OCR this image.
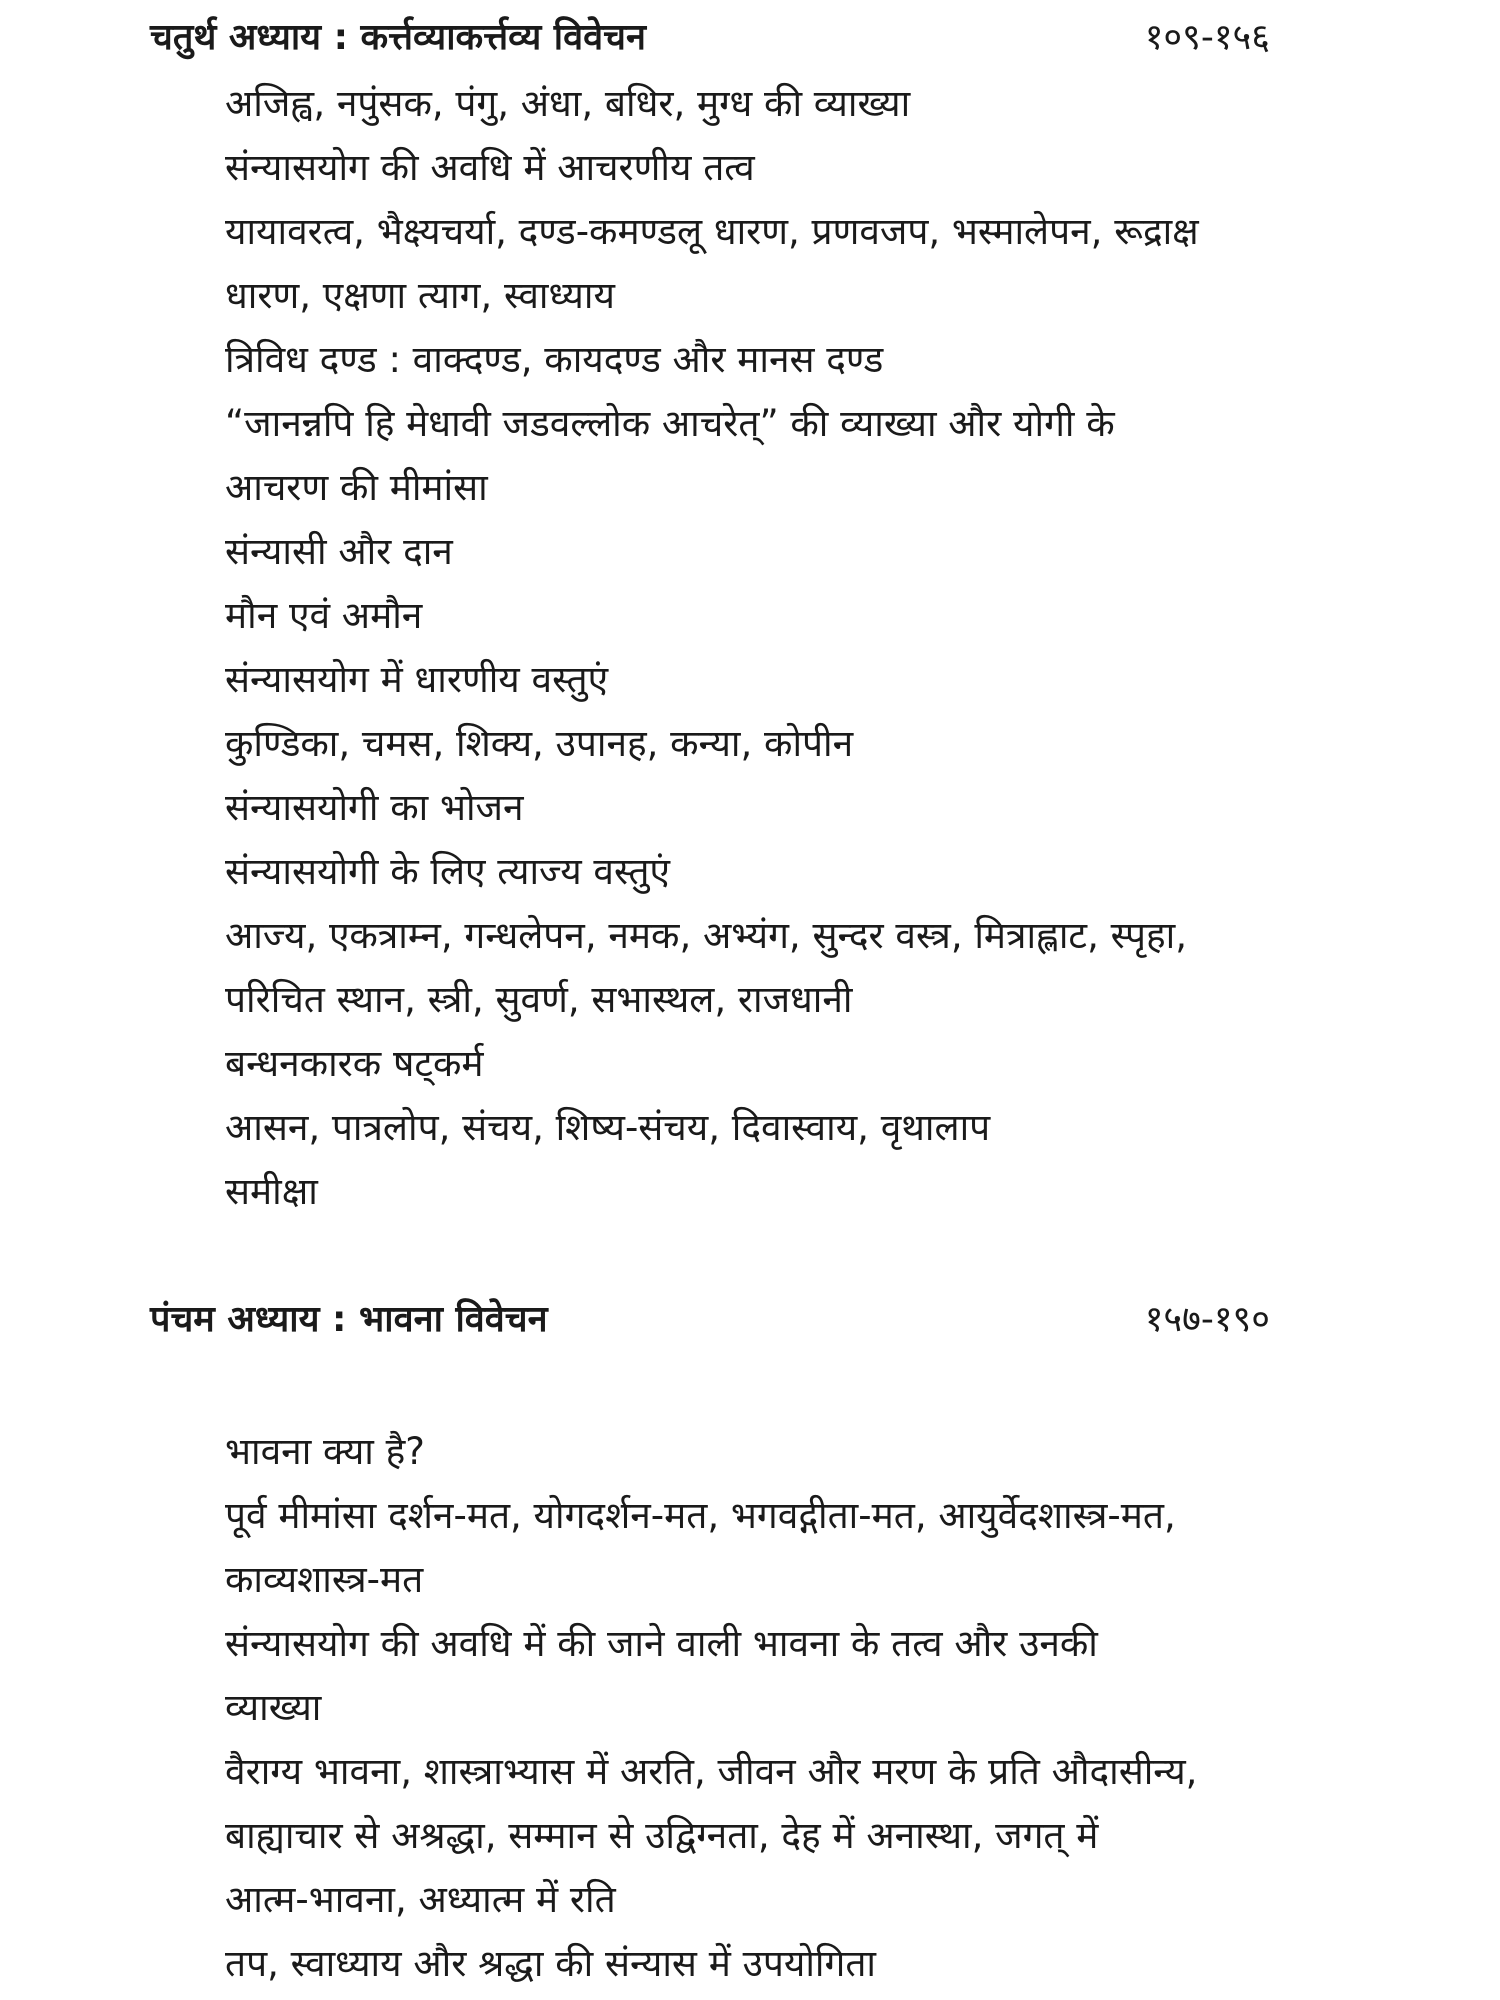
चतुर्थ अध्याय : कर्त्तव्याकर्त्तव्य विवेचन	१०९-१५६
अजिह्व, नपुंसक, पंगु, अंधा, बधिर, मुग्ध की व्याख्या
संन्यासयोग की अवधि में आचरणीय तत्व
यायावरत्व, भैक्ष्यचर्या, दण्ड-कमण्डलू धारण, प्रणवजप, भस्मालेपन, रूद्राक्ष
धारण, एक्षणा त्याग, स्वाध्याय
त्रिविध दण्ड : वाक्दण्ड, कायदण्ड और मानस दण्ड
“जानन्नपि हि मेधावी जडवल्लोक आचरेत्” की व्याख्या और योगी के
आचरण की मीमांसा
संन्यासी और दान
मौन एवं अमौन
संन्यासयोग में धारणीय वस्तुएं
कुण्डिका, चमस, शिक्य, उपानह, कन्या, कोपीन
संन्यासयोगी का भोजन
संन्यासयोगी के लिए त्याज्य वस्तुएं
आज्य, एकत्राम्न, गन्धलेपन, नमक, अभ्यंग, सुन्दर वस्त्र, मित्राह्लाट, स्पृहा,
परिचित स्थान, स्त्री, सुवर्ण, सभास्थल, राजधानी
बन्धनकारक षट्कर्म
आसन, पात्रलोप, संचय, शिष्य-संचय, दिवास्वाय, वृथालाप
समीक्षा
पंचम अध्याय : भावना विवेचन	१५७-१९०
भावना क्या है?
पूर्व मीमांसा दर्शन-मत, योगदर्शन-मत, भगवद्गीता-मत, आयुर्वेदशास्त्र-मत,
काव्यशास्त्र-मत
संन्यासयोग की अवधि में की जाने वाली भावना के तत्व और उनकी
व्याख्या
वैराग्य भावना, शास्त्राभ्यास में अरति, जीवन और मरण के प्रति औदासीन्य,
बाह्याचार से अश्रद्धा, सम्मान से उद्विग्नता, देह में अनास्था, जगत् में
आत्म-भावना, अध्यात्म में रति
तप, स्वाध्याय और श्रद्धा की संन्यास में उपयोगिता
